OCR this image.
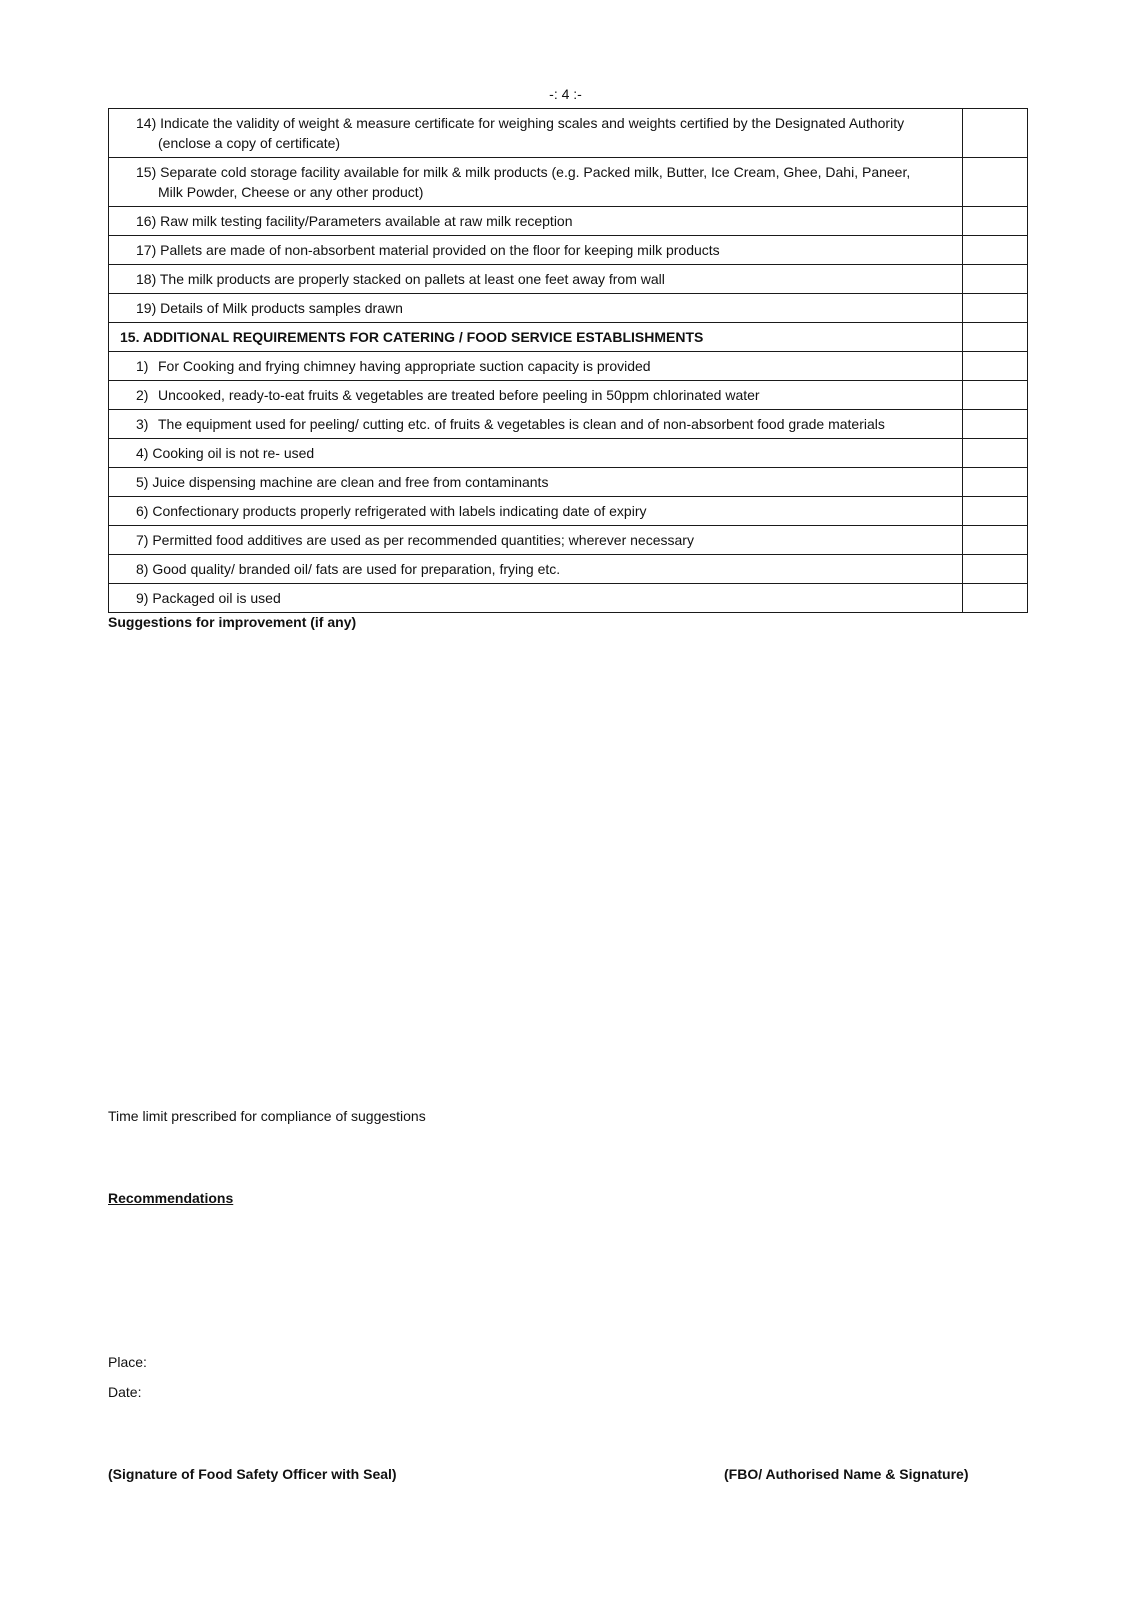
-: 4 :-
14) Indicate the validity of weight & measure certificate for weighing scales and weights certified by the Designated Authority
(enclose a copy of certificate)	

15) Separate cold storage facility available for milk & milk products (e.g. Packed milk, Butter, Ice Cream, Ghee, Dahi, Paneer,
Milk Powder, Cheese or any other product)	

16) Raw milk testing facility/Parameters available at raw milk reception	
17) Pallets are made of non-absorbent material provided on the floor for keeping milk products	
18) The milk products are properly stacked on pallets at least one feet away from wall	
19) Details of Milk products samples drawn	
15. ADDITIONAL REQUIREMENTS FOR CATERING / FOOD SERVICE ESTABLISHMENTS	
1) For Cooking and frying chimney having appropriate suction capacity is provided	
2) Uncooked, ready-to-eat fruits & vegetables are treated before peeling in 50ppm chlorinated water	
3) The equipment used for peeling/ cutting etc. of fruits & vegetables is clean and of non-absorbent food grade materials	
4) Cooking oil is not re- used	
5) Juice dispensing machine are clean and free from contaminants	
6) Confectionary products properly refrigerated with labels indicating date of expiry	
7) Permitted food additives are used as per recommended quantities; wherever necessary	
8) Good quality/ branded oil/ fats are used for preparation, frying etc.	
9) Packaged oil is used	
Suggestions for improvement (if any)
Time limit prescribed for compliance of suggestions
Recommendations
Place:
Date:
(Signature of Food Safety Officer with Seal)	(FBO/ Authorised Name & Signature)
